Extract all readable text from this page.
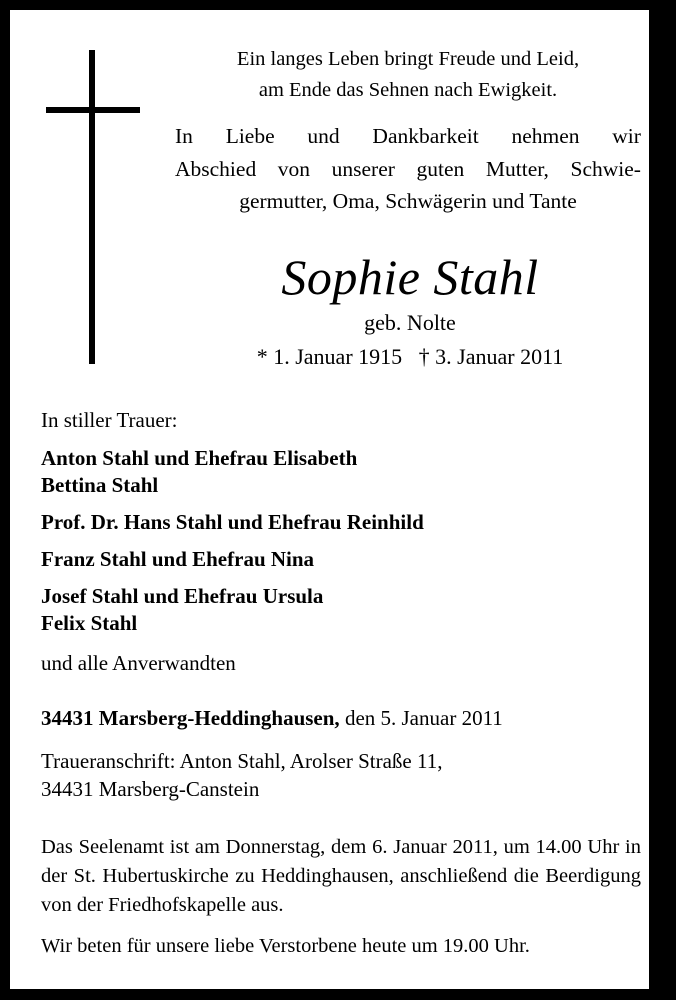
Ein langes Leben bringt Freude und Leid,
am Ende das Sehnen nach Ewigkeit.

In Liebe und Dankbarkeit nehmen wir
Abschied von unserer guten Mutter, Schwie-
germutter, Oma, Schwägerin und Tante

Sophie Stahl

geb. Nolte

* 1. Januar 1915   † 3. Januar 2011

In stiller Trauer:

Anton Stahl und Ehefrau Elisabeth
Bettina Stahl
Prof. Dr. Hans Stahl und Ehefrau Reinhild
Franz Stahl und Ehefrau Nina
Josef Stahl und Ehefrau Ursula
Felix Stahl

und alle Anverwandten

34431 Marsberg-Heddinghausen, den 5. Januar 2011

Traueranschrift: Anton Stahl, Arolser Straße 11,
34431 Marsberg-Canstein

Das Seelenamt ist am Donnerstag, dem 6. Januar 2011, um 14.00 Uhr in der St. Hubertuskirche zu Heddinghausen, anschließend die Beerdigung von der Friedhofskapelle aus.

Wir beten für unsere liebe Verstorbene heute um 19.00 Uhr.
